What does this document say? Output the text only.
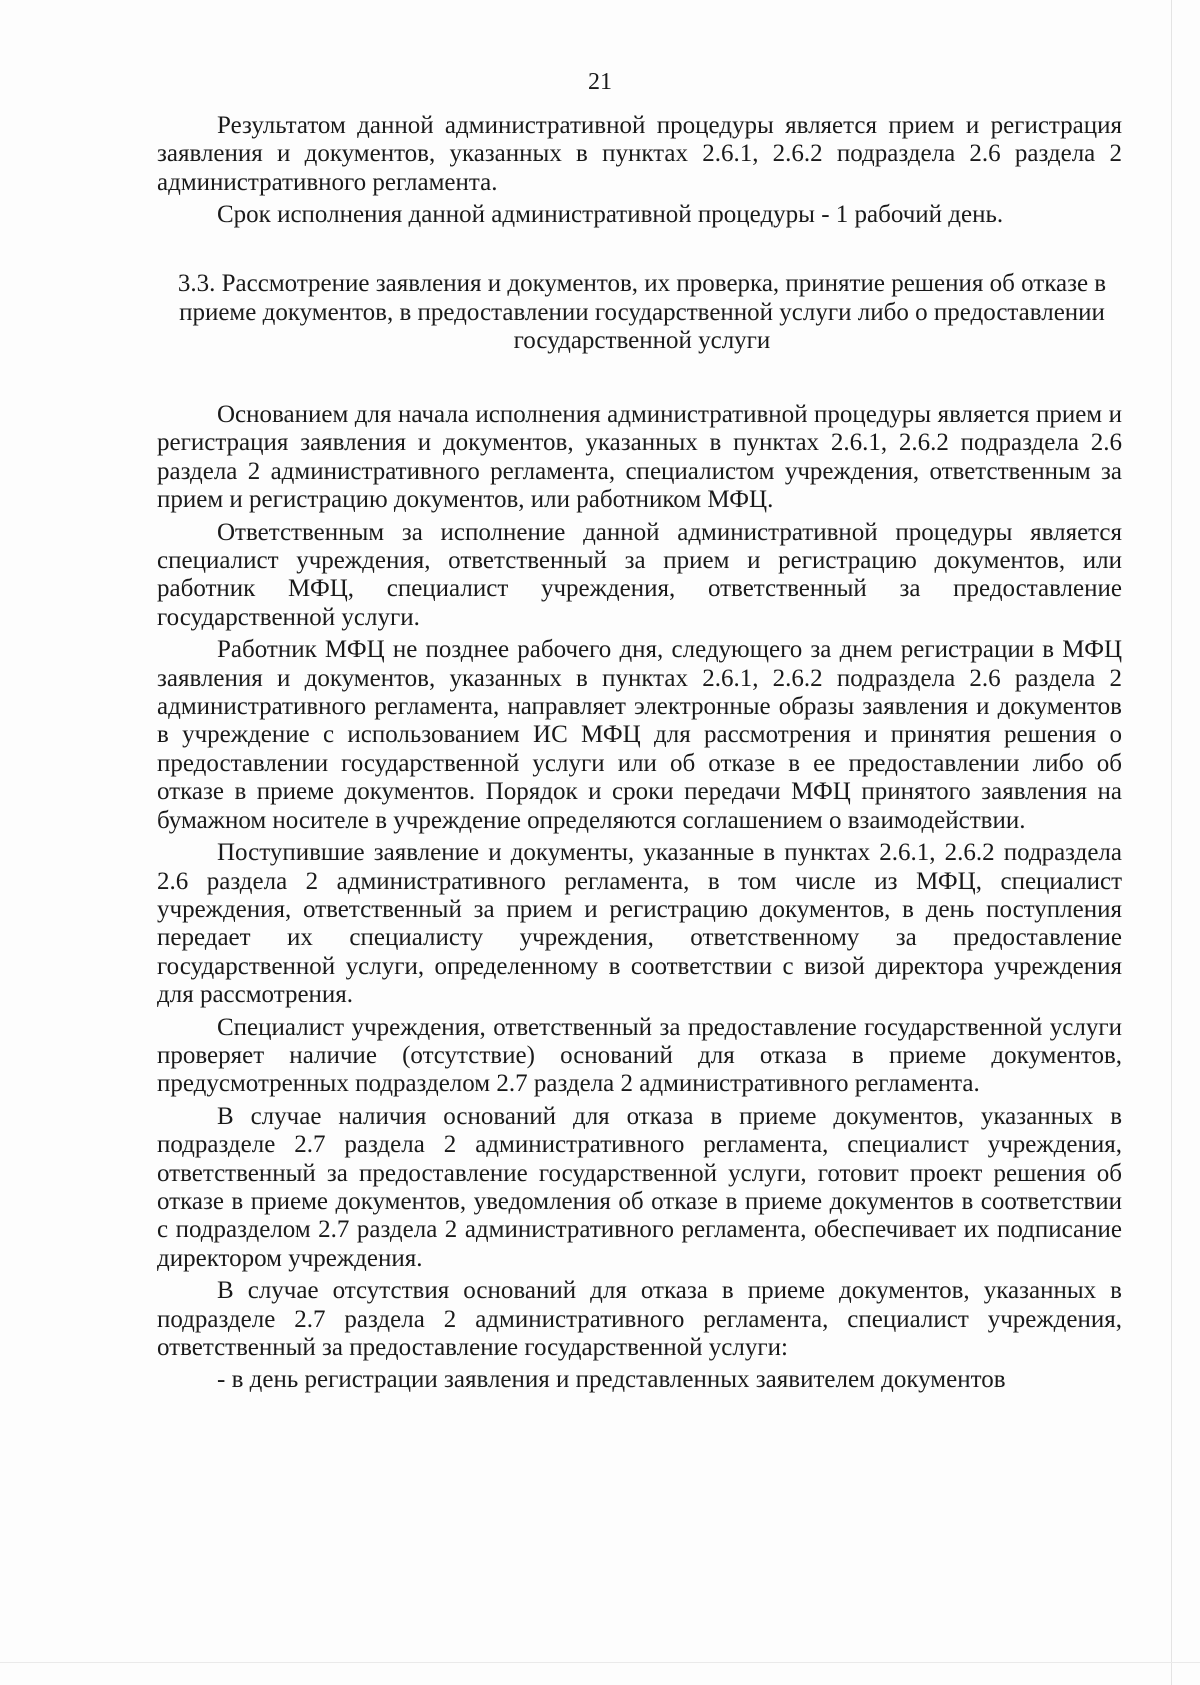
21

Результатом данной административной процедуры является прием и регистрация заявления и документов, указанных в пунктах 2.6.1, 2.6.2 подраздела 2.6 раздела 2 административного регламента.

Срок исполнения данной административной процедуры - 1 рабочий день.

3.3. Рассмотрение заявления и документов, их проверка, принятие решения об отказе в приеме документов, в предоставлении государственной услуги либо о предоставлении государственной услуги

Основанием для начала исполнения административной процедуры является прием и регистрация заявления и документов, указанных в пунктах 2.6.1, 2.6.2 подраздела 2.6 раздела 2 административного регламента, специалистом учреждения, ответственным за прием и регистрацию документов, или работником МФЦ.

Ответственным за исполнение данной административной процедуры является специалист учреждения, ответственный за прием и регистрацию документов, или работник МФЦ, специалист учреждения, ответственный за предоставление государственной услуги.

Работник МФЦ не позднее рабочего дня, следующего за днем регистрации в МФЦ заявления и документов, указанных в пунктах 2.6.1, 2.6.2 подраздела 2.6 раздела 2 административного регламента, направляет электронные образы заявления и документов в учреждение с использованием ИС МФЦ для рассмотрения и принятия решения о предоставлении государственной услуги или об отказе в ее предоставлении либо об отказе в приеме документов. Порядок и сроки передачи МФЦ принятого заявления на бумажном носителе в учреждение определяются соглашением о взаимодействии.

Поступившие заявление и документы, указанные в пунктах 2.6.1, 2.6.2 подраздела 2.6 раздела 2 административного регламента, в том числе из МФЦ, специалист учреждения, ответственный за прием и регистрацию документов, в день поступления передает их специалисту учреждения, ответственному за предоставление государственной услуги, определенному в соответствии с визой директора учреждения для рассмотрения.

Специалист учреждения, ответственный за предоставление государственной услуги проверяет наличие (отсутствие) оснований для отказа в приеме документов, предусмотренных подразделом 2.7 раздела 2 административного регламента.

В случае наличия оснований для отказа в приеме документов, указанных в подразделе 2.7 раздела 2 административного регламента, специалист учреждения, ответственный за предоставление государственной услуги, готовит проект решения об отказе в приеме документов, уведомления об отказе в приеме документов в соответствии с подразделом 2.7 раздела 2 административного регламента, обеспечивает их подписание директором учреждения.

В случае отсутствия оснований для отказа в приеме документов, указанных в подразделе 2.7 раздела 2 административного регламента, специалист учреждения, ответственный за предоставление государственной услуги:

- в день регистрации заявления и представленных заявителем документов
